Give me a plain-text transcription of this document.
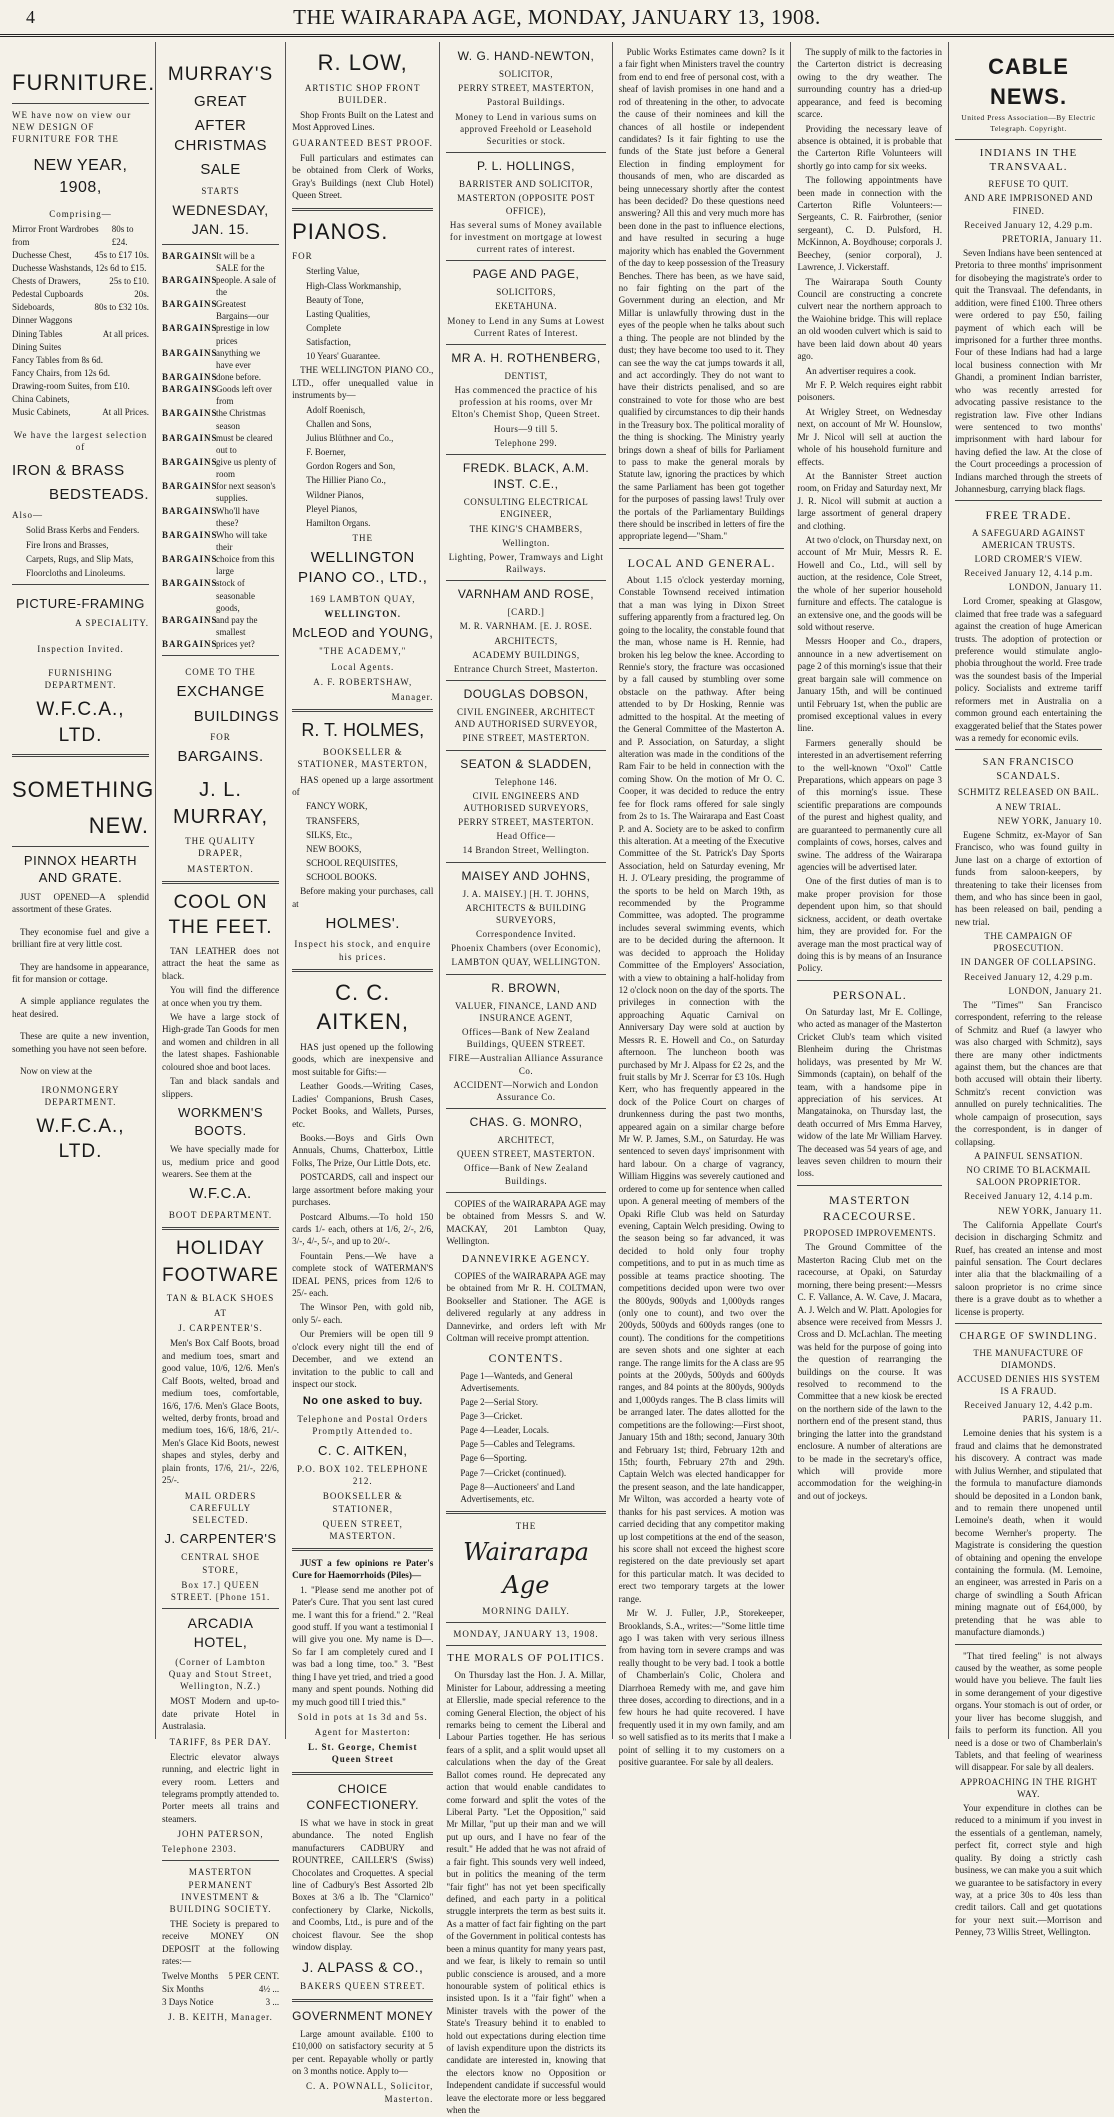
4	THE WAIRARAPA AGE, MONDAY, JANUARY 13, 1908.
FURNITURE.
WE have now on view our NEW DESIGN OF FURNITURE FOR THE
NEW YEAR, 1908,
Comprising—
Mirror Front Wardrobes from
80s to £24.
Duchesse Chest,	45s to £17 10s.
Duchesse Washstands, 12s 6d to £15.
Chests of Drawers,	25s to £10.
Pedestal Cupboards	20s.
Sideboards,	80s to £32 10s.
Dinner Waggons
Dining Tables	At all prices.
Dining Suites
Fancy Tables from 8s 6d.
Fancy Chairs, from 12s 6d.
Drawing-room Suites, from £10.
China Cabinets,
Music Cabinets,	At all Prices.
We have the largest selection of
IRON & BRASS
BEDSTEADS.
Also—
Solid Brass Kerbs and Fenders.
Fire Irons and Brasses,
Carpets, Rugs, and Slip Mats,
Floorcloths and Linoleums.
PICTURE-FRAMING
A SPECIALITY.
Inspection Invited.
FURNISHING DEPARTMENT.
W.F.C.A., LTD.
SOMETHING
NEW.
PINNOX HEARTH AND GRATE.

JUST OPENED—A splendid assortment of these Grates.

They economise fuel and give a brilliant fire at very little cost.

They are handsome in appearance, fit for mansion or cottage.

A simple appliance regulates the heat desired.

These are quite a new invention, something you have not seen before.

Now on view at the

IRONMONGERY DEPARTMENT.
W.F.C.A., LTD.
MURRAY'S
GREAT
AFTER CHRISTMAS
SALE
STARTS
WEDNESDAY, JAN. 15.
BARGAINS
It will be a SALE for the
BARGAINS
people. A sale of the
BARGAINS
Greatest Bargains—our
BARGAINS
prestige in low prices
BARGAINS
anything we have ever
BARGAINS
done before.
BARGAINS
Goods left over from
BARGAINS
the Christmas season
BARGAINS
must be cleared out to
BARGAINS
give us plenty of room
BARGAINS
for next season's supplies.
BARGAINS
Who'll have these?
BARGAINS
Who will take their
BARGAINS
choice from this large
BARGAINS
stock of seasonable goods,
BARGAINS
and pay the smallest
BARGAINS
prices yet?
COME TO THE
EXCHANGE
BUILDINGS
FOR
BARGAINS.
J. L. MURRAY,
THE QUALITY DRAPER,
MASTERTON.
COOL ON THE FEET.

TAN LEATHER does not attract the heat the same as black.

You will find the difference at once when you try them.

We have a large stock of High-grade Tan Goods for men and women and children in all the latest shapes. Fashionable coloured shoe and boot laces.

Tan and black sandals and slippers.

WORKMEN'S BOOTS.

We have specially made for us, medium price and good wearers. See them at the

W.F.C.A.
BOOT DEPARTMENT.
HOLIDAY
FOOTWARE
TAN & BLACK SHOES
AT
J. CARPENTER'S.

Men's Box Calf Boots, broad and medium toes, smart and good value, 10/6, 12/6. Men's Calf Boots, welted, broad and medium toes, comfortable, 16/6, 17/6. Men's Glace Boots, welted, derby fronts, broad and medium toes, 16/6, 18/6, 21/-. Men's Glace Kid Boots, newest shapes and styles, derby and plain fronts, 17/6, 21/-, 22/6, 25/-.

MAIL ORDERS CAREFULLY SELECTED.
J. CARPENTER'S
CENTRAL SHOE STORE,
Box 17.] QUEEN STREET. [Phone 151.
ARCADIA HOTEL,
(Corner of Lambton Quay and Stout Street, Wellington, N.Z.)

MOST Modern and up-to-date private Hotel in Australasia.

TARIFF, 8s PER DAY.

Electric elevator always running, and electric light in every room. Letters and telegrams promptly attended to. Porter meets all trains and steamers.

JOHN PATERSON,
Telephone 2303.
MASTERTON PERMANENT INVESTMENT & BUILDING SOCIETY.

THE Society is prepared to receive MONEY ON DEPOSIT at the following rates:—

Twelve Months 5 PER CENT.
Six Months	4½ ...
3 Days Notice	3 ...
J. B. KEITH, Manager.
R. LOW,
ARTISTIC SHOP FRONT BUILDER.

Shop Fronts Built on the Latest and Most Approved Lines.

GUARANTEED BEST PROOF.

Full particulars and estimates can be obtained from Clerk of Works, Gray's Buildings (next Club Hotel) Queen Street.

PIANOS.
FOR
Sterling Value,
High-Class Workmanship,
Beauty of Tone,
Lasting Qualities,
Complete
Satisfaction,
10 Years' Guarantee.

THE WELLINGTON PIANO CO., LTD., offer unequalled value in instruments by—

Adolf Roenisch,
Challen and Sons,
Julius Blüthner and Co.,
F. Boerner,
Gordon Rogers and Son,
The Hillier Piano Co.,
Wildner Pianos,
Pleyel Pianos,
Hamilton Organs.
THE
WELLINGTON PIANO CO., LTD.,
169 LAMBTON QUAY,
WELLINGTON.
McLEOD and YOUNG,
"THE ACADEMY,"
Local Agents.
A. F. ROBERTSHAW,
Manager.
R. T. HOLMES,
BOOKSELLER & STATIONER, MASTERTON,

HAS opened up a large assortment of

FANCY WORK,
TRANSFERS,
SILKS, Etc.,
NEW BOOKS,
SCHOOL REQUISITES,
SCHOOL BOOKS.

Before making your purchases, call at

HOLMES'.
Inspect his stock, and enquire his prices.
C. C. AITKEN,

HAS just opened up the following goods, which are inexpensive and most suitable for Gifts:—

Leather Goods.—Writing Cases, Ladies' Companions, Brush Cases, Pocket Books, and Wallets, Purses, etc.

Books.—Boys and Girls Own Annuals, Chums, Chatterbox, Little Folks, The Prize, Our Little Dots, etc.

POSTCARDS, call and inspect our large assortment before making your purchases.

Postcard Albums.—To hold 150 cards 1/- each, others at 1/6, 2/-, 2/6, 3/-, 4/-, 5/-, and up to 20/-.

Fountain Pens.—We have a complete stock of WATERMAN'S IDEAL PENS, prices from 12/6 to 25/- each.

The Winsor Pen, with gold nib, only 5/- each.

Our Premiers will be open till 9 o'clock every night till the end of December, and we extend an invitation to the public to call and inspect our stock.

No one asked to buy.
Telephone and Postal Orders Promptly Attended to.
C. C. AITKEN,
P.O. BOX 102. TELEPHONE 212.
BOOKSELLER & STATIONER,
QUEEN STREET, MASTERTON.

JUST a few opinions re Pater's Cure for Haemorrhoids (Piles)—

1. "Please send me another pot of Pater's Cure. That you sent last cured me. I want this for a friend." 2. "Real good stuff. If you want a testimonial I will give you one. My name is D—. So far I am completely cured and I was bad a long time, too." 3. "Best thing I have yet tried, and tried a good many and spent pounds. Nothing did my much good till I tried this."

Sold in pots at 1s 3d and 5s.
Agent for Masterton:
L. St. George, Chemist Queen Street
CHOICE CONFECTIONERY.

IS what we have in stock in great abundance. The noted English manufacturers CADBURY and ROUNTREE, CAILLER'S (Swiss) Chocolates and Croquettes. A special line of Cadbury's Best Assorted 2lb Boxes at 3/6 a lb. The "Clarnico" confectionery by Clarke, Nickolls, and Coombs, Ltd., is pure and of the choicest flavour. See the shop window display.

J. ALPASS & CO.,
BAKERS QUEEN STREET.
GOVERNMENT MONEY

Large amount available. £100 to £10,000 on satisfactory security at 5 per cent. Repayable wholly or partly on 3 months notice. Apply to—

C. A. POWNALL, Solicitor, Masterton.
W. G. HAND-NEWTON,
SOLICITOR,
PERRY STREET, MASTERTON,
Pastoral Buildings.
Money to Lend in various sums on approved Freehold or Leasehold Securities or stock.
P. L. HOLLINGS,
BARRISTER AND SOLICITOR,
MASTERTON (OPPOSITE POST OFFICE),
Has several sums of Money available for investment on mortgage at lowest current rates of interest.
PAGE AND PAGE,
SOLICITORS,
EKETAHUNA.
Money to Lend in any Sums at Lowest Current Rates of Interest.
MR A. H. ROTHENBERG,
DENTIST,
Has commenced the practice of his profession at his rooms, over Mr Elton's Chemist Shop, Queen Street.
Hours—9 till 5.
Telephone 299.
FREDK. BLACK, A.M. INST. C.E.,
CONSULTING ELECTRICAL ENGINEER,
THE KING'S CHAMBERS,
Wellington.
Lighting, Power, Tramways and Light Railways.
VARNHAM AND ROSE,
[CARD.]
M. R. VARNHAM. [E. J. ROSE.
ARCHITECTS,
ACADEMY BUILDINGS,
Entrance Church Street, Masterton.
DOUGLAS DOBSON,
CIVIL ENGINEER, ARCHITECT AND AUTHORISED SURVEYOR,
PINE STREET, MASTERTON.
SEATON & SLADDEN,
Telephone 146.
CIVIL ENGINEERS AND AUTHORISED SURVEYORS,
PERRY STREET, MASTERTON.
Head Office—
14 Brandon Street, Wellington.
MAISEY AND JOHNS,
J. A. MAISEY.] [H. T. JOHNS,
ARCHITECTS & BUILDING SURVEYORS,
Correspondence Invited.
Phoenix Chambers (over Economic),
LAMBTON QUAY, WELLINGTON.
R. BROWN,
VALUER, FINANCE, LAND AND INSURANCE AGENT,
Offices—Bank of New Zealand Buildings, QUEEN STREET.
FIRE—Australian Alliance Assurance Co.
ACCIDENT—Norwich and London Assurance Co.
CHAS. G. MONRO,
ARCHITECT,
QUEEN STREET, MASTERTON.
Office—Bank of New Zealand Buildings.

COPIES of the WAIRARAPA AGE may be obtained from Messrs S. and W. MACKAY, 201 Lambton Quay, Wellington.

DANNEVIRKE AGENCY.

COPIES of the WAIRARAPA AGE may be obtained from Mr R. H. COLTMAN, Bookseller and Stationer. The AGE is delivered regularly at any address in Dannevirke, and orders left with Mr Coltman will receive prompt attention.

CONTENTS.
Page 1—Wanteds, and General Advertisements.
Page 2—Serial Story.
Page 3—Cricket.
Page 4—Leader, Locals.
Page 5—Cables and Telegrams.
Page 6—Sporting.
Page 7—Cricket (continued).
Page 8—Auctioneers' and Land Advertisements, etc.
THE
Wairarapa Age
MORNING DAILY.
MONDAY, JANUARY 13, 1908.
THE MORALS OF POLITICS.

On Thursday last the Hon. J. A. Millar, Minister for Labour, addressing a meeting at Ellerslie, made special reference to the coming General Election, the object of his remarks being to cement the Liberal and Labour Parties together. He has serious fears of a split, and a split would upset all calculations when the day of the Great Ballot comes round. He deprecated any action that would enable candidates to come forward and split the votes of the Liberal Party. "Let the Opposition," said Mr Millar, "put up their man and we will put up ours, and I have no fear of the result." He added that he was not afraid of a fair fight. This sounds very well indeed, but in politics the meaning of the term "fair fight" has not yet been specifically defined, and each party in a political struggle interprets the term as best suits it. As a matter of fact fair fighting on the part of the Government in political contests has been a minus quantity for many years past, and we fear, is likely to remain so until public conscience is aroused, and a more honourable system of political ethics is insisted upon. Is it a "fair fight" when a Minister travels with the power of the State's Treasury behind it to enabled to hold out expectations during election time of lavish expenditure upon the districts its candidate are interested in, knowing that the electors know no Opposition or Independent candidate if successful would leave the electorate more or less beggared when the

Public Works Estimates came down? Is it a fair fight when Ministers travel the country from end to end free of personal cost, with a sheaf of lavish promises in one hand and a rod of threatening in the other, to advocate the cause of their nominees and kill the chances of all hostile or independent candidates? Is it fair fighting to use the funds of the State just before a General Election in finding employment for thousands of men, who are discarded as being unnecessary shortly after the contest has been decided? Do these questions need answering? All this and very much more has been done in the past to influence elections, and have resulted in securing a huge majority which has enabled the Government of the day to keep possession of the Treasury Benches. There has been, as we have said, no fair fighting on the part of the Government during an election, and Mr Millar is unlawfully throwing dust in the eyes of the people when he talks about such a thing. The people are not blinded by the dust; they have become too used to it. They can see the way the cat jumps towards it all, and act accordingly. They do not want to have their districts penalised, and so are constrained to vote for those who are best qualified by circumstances to dip their hands in the Treasury box. The political morality of the thing is shocking. The Ministry yearly brings down a sheaf of bills for Parliament to pass to make the general morals by Statute law, ignoring the practices by which the same Parliament has been got together for the purposes of passing laws! Truly over the portals of the Parliamentary Buildings there should be inscribed in letters of fire the appropriate legend—"Sham."

LOCAL AND GENERAL.

About 1.15 o'clock yesterday morning, Constable Townsend received intimation that a man was lying in Dixon Street suffering apparently from a fractured leg. On going to the locality, the constable found that the man, whose name is H. Rennie, had broken his leg below the knee. According to Rennie's story, the fracture was occasioned by a fall caused by stumbling over some obstacle on the pathway. After being attended to by Dr Hosking, Rennie was admitted to the hospital. At the meeting of the General Committee of the Masterton A. and P. Association, on Saturday, a slight alteration was made in the conditions of the Ram Fair to be held in connection with the coming Show. On the motion of Mr O. C. Cooper, it was decided to reduce the entry fee for flock rams offered for sale singly from 2s to 1s. The Wairarapa and East Coast P. and A. Society are to be asked to confirm this alteration. At a meeting of the Executive Committee of the St. Patrick's Day Sports Association, held on Saturday evening, Mr H. J. O'Leary presiding, the programme of the sports to be held on March 19th, as recommended by the Programme Committee, was adopted. The programme includes several swimming events, which are to be decided during the afternoon. It was decided to approach the Holiday Committee of the Employers' Association, with a view to obtaining a half-holiday from 12 o'clock noon on the day of the sports. The privileges in connection with the approaching Aquatic Carnival on Anniversary Day were sold at auction by Messrs R. E. Howell and Co., on Saturday afternoon. The luncheon booth was purchased by Mr J. Alpass for £2 2s, and the fruit stalls by Mr J. Scerrar for £3 10s. Hugh Kerr, who has frequently appeared in the dock of the Police Court on charges of drunkenness during the past two months, appeared again on a similar charge before Mr W. P. James, S.M., on Saturday. He was sentenced to seven days' imprisonment with hard labour. On a charge of vagrancy, William Higgins was severely cautioned and ordered to come up for sentence when called upon. A general meeting of members of the Opaki Rifle Club was held on Saturday evening, Captain Welch presiding. Owing to the season being so far advanced, it was decided to hold only four trophy competitions, and to put in as much time as possible at teams practice shooting. The competitions decided upon were two over the 800yds, 900yds and 1,000yds ranges (only one to count), and two over the 200yds, 500yds and 600yds ranges (one to count). The conditions for the competitions are seven shots and one sighter at each range. The range limits for the A class are 95 points at the 200yds, 500yds and 600yds ranges, and 84 points at the 800yds, 900yds and 1,000yds ranges. The B class limits will be arranged later. The dates allotted for the competitions are the following:—First shoot, January 15th and 18th; second, January 30th and February 1st; third, February 12th and 15th; fourth, February 27th and 29th. Captain Welch was elected handicapper for the present season, and the late handicapper, Mr Wilton, was accorded a hearty vote of thanks for his past services. A motion was carried deciding that any competitor making up lost competitions at the end of the season, his score shall not exceed the highest score registered on the date previously set apart for this particular match. It was decided to erect two temporary targets at the lower range.

Mr W. J. Fuller, J.P., Storekeeper, Brooklands, S.A., writes:—"Some little time ago I was taken with very serious illness from having torn in severe cramps and was really thought to be very bad. I took a bottle of Chamberlain's Colic, Cholera and Diarrhoea Remedy with me, and gave him three doses, according to directions, and in a few hours he had quite recovered. I have frequently used it in my own family, and am so well satisfied as to its merits that I make a point of selling it to my customers on a positive guarantee. For sale by all dealers.

The supply of milk to the factories in the Carterton district is decreasing owing to the dry weather. The surrounding country has a dried-up appearance, and feed is becoming scarce.

Providing the necessary leave of absence is obtained, it is probable that the Carterton Rifle Volunteers will shortly go into camp for six weeks.

The following appointments have been made in connection with the Carterton Rifle Volunteers:—Sergeants, C. R. Fairbrother, (senior sergeant), C. D. Pulsford, H. McKinnon, A. Boydhouse; corporals J. Beechey, (senior corporal), J. Lawrence, J. Vickerstaff.

The Wairarapa South County Council are constructing a concrete culvert near the northern approach to the Waiohine bridge. This will replace an old wooden culvert which is said to have been laid down about 40 years ago.

An advertiser requires a cook.

Mr F. P. Welch requires eight rabbit poisoners.

At Wrigley Street, on Wednesday next, on account of Mr W. Hounslow, Mr J. Nicol will sell at auction the whole of his household furniture and effects.

At the Bannister Street auction room, on Friday and Saturday next, Mr J. R. Nicol will submit at auction a large assortment of general drapery and clothing.

At two o'clock, on Thursday next, on account of Mr Muir, Messrs R. E. Howell and Co., Ltd., will sell by auction, at the residence, Cole Street, the whole of her superior household furniture and effects. The catalogue is an extensive one, and the goods will be sold without reserve.

Messrs Hooper and Co., drapers, announce in a new advertisement on page 2 of this morning's issue that their great bargain sale will commence on January 15th, and will be continued until February 1st, when the public are promised exceptional values in every line.

Farmers generally should be interested in an advertisement referring to the well-known "Oxol" Cattle Preparations, which appears on page 3 of this morning's issue. These scientific preparations are compounds of the purest and highest quality, and are guaranteed to permanently cure all complaints of cows, horses, calves and swine. The address of the Wairarapa agencies will be advertised later.

One of the first duties of man is to make proper provision for those dependent upon him, so that should sickness, accident, or death overtake him, they are provided for. For the average man the most practical way of doing this is by means of an Insurance Policy.

PERSONAL.

On Saturday last, Mr E. Collinge, who acted as manager of the Masterton Cricket Club's team which visited Blenheim during the Christmas holidays, was presented by Mr W. Simmonds (captain), on behalf of the team, with a handsome pipe in appreciation of his services. At Mangatainoka, on Thursday last, the death occurred of Mrs Emma Harvey, widow of the late Mr William Harvey. The deceased was 54 years of age, and leaves seven children to mourn their loss.

MASTERTON RACECOURSE.
PROPOSED IMPROVEMENTS.

The Ground Committee of the Masterton Racing Club met on the racecourse, at Opaki, on Saturday morning, there being present:—Messrs C. F. Vallance, A. W. Cave, J. Macara, A. J. Welch and W. Platt. Apologies for absence were received from Messrs J. Cross and D. McLachlan. The meeting was held for the purpose of going into the question of rearranging the buildings on the course. It was resolved to recommend to the Committee that a new kiosk be erected on the northern side of the lawn to the northern end of the present stand, thus bringing the latter into the grandstand enclosure. A number of alterations are to be made in the secretary's office, which will provide more accommodation for the weighing-in and out of jockeys.

CABLE NEWS.
United Press Association—By Electric Telegraph. Copyright.
INDIANS IN THE TRANSVAAL.
REFUSE TO QUIT.
AND ARE IMPRISONED AND FINED.
Received January 12, 4.29 p.m.
PRETORIA, January 11.

Seven Indians have been sentenced at Pretoria to three months' imprisonment for disobeying the magistrate's order to quit the Transvaal. The defendants, in addition, were fined £100. Three others were ordered to pay £50, failing payment of which each will be imprisoned for a further three months. Four of these Indians had had a large local business connection with Mr Ghandi, a prominent Indian barrister, who was recently arrested for advocating passive resistance to the registration law. Five other Indians were sentenced to two months' imprisonment with hard labour for having defied the law. At the close of the Court proceedings a procession of Indians marched through the streets of Johannesburg, carrying black flags.

FREE TRADE.
A SAFEGUARD AGAINST AMERICAN TRUSTS.
LORD CROMER'S VIEW.
Received January 12, 4.14 p.m.
LONDON, January 11.

Lord Cromer, speaking at Glasgow, claimed that free trade was a safeguard against the creation of huge American trusts. The adoption of protection or preference would stimulate anglo-phobia throughout the world. Free trade was the soundest basis of the Imperial policy. Socialists and extreme tariff reformers met in Australia on a common ground each entertaining the exaggerated belief that the States power was a remedy for economic evils.

SAN FRANCISCO SCANDALS.
SCHMITZ RELEASED ON BAIL.
A NEW TRIAL.
NEW YORK, January 10.

Eugene Schmitz, ex-Mayor of San Francisco, who was found guilty in June last on a charge of extortion of funds from saloon-keepers, by threatening to take their licenses from them, and who has since been in gaol, has been released on bail, pending a new trial.

THE CAMPAIGN OF PROSECUTION.
IN DANGER OF COLLAPSING.
Received January 12, 4.29 p.m.
LONDON, January 21.

The "Times'" San Francisco correspondent, referring to the release of Schmitz and Ruef (a lawyer who was also charged with Schmitz), says there are many other indictments against them, but the chances are that both accused will obtain their liberty. Schmitz's recent conviction was annulled on purely technicalities. The whole campaign of prosecution, says the correspondent, is in danger of collapsing.

A PAINFUL SENSATION.
NO CRIME TO BLACKMAIL SALOON PROPRIETOR.
Received January 12, 4.14 p.m.
NEW YORK, January 11.

The California Appellate Court's decision in discharging Schmitz and Ruef, has created an intense and most painful sensation. The Court declares inter alia that the blackmailing of a saloon proprietor is no crime since there is a grave doubt as to whether a license is property.

CHARGE OF SWINDLING.
THE MANUFACTURE OF DIAMONDS.
ACCUSED DENIES HIS SYSTEM IS A FRAUD.
Received January 12, 4.42 p.m.
PARIS, January 11.

Lemoine denies that his system is a fraud and claims that he demonstrated his discovery. A contract was made with Julius Wernher, and stipulated that the formula to manufacture diamonds should be deposited in a London bank, and to remain there unopened until Lemoine's death, when it would become Wernher's property. The Magistrate is considering the question of obtaining and opening the envelope containing the formula. (M. Lemoine, an engineer, was arrested in Paris on a charge of swindling a South African mining magnate out of £64,000, by pretending that he was able to manufacture diamonds.)

"That tired feeling" is not always caused by the weather, as some people would have you believe. The fault lies in some derangement of your digestive organs. Your stomach is out of order, or your liver has become sluggish, and fails to perform its function. All you need is a dose or two of Chamberlain's Tablets, and that feeling of weariness will disappear. For sale by all dealers.

APPROACHING IN THE RIGHT WAY.

Your expenditure in clothes can be reduced to a minimum if you invest in the essentials of a gentleman, namely, perfect fit, correct style and high quality. By doing a strictly cash business, we can make you a suit which we guarantee to be satisfactory in every way, at a price 30s to 40s less than credit tailors. Call and get quotations for your next suit.—Morrison and Penney, 73 Willis Street, Wellington.
